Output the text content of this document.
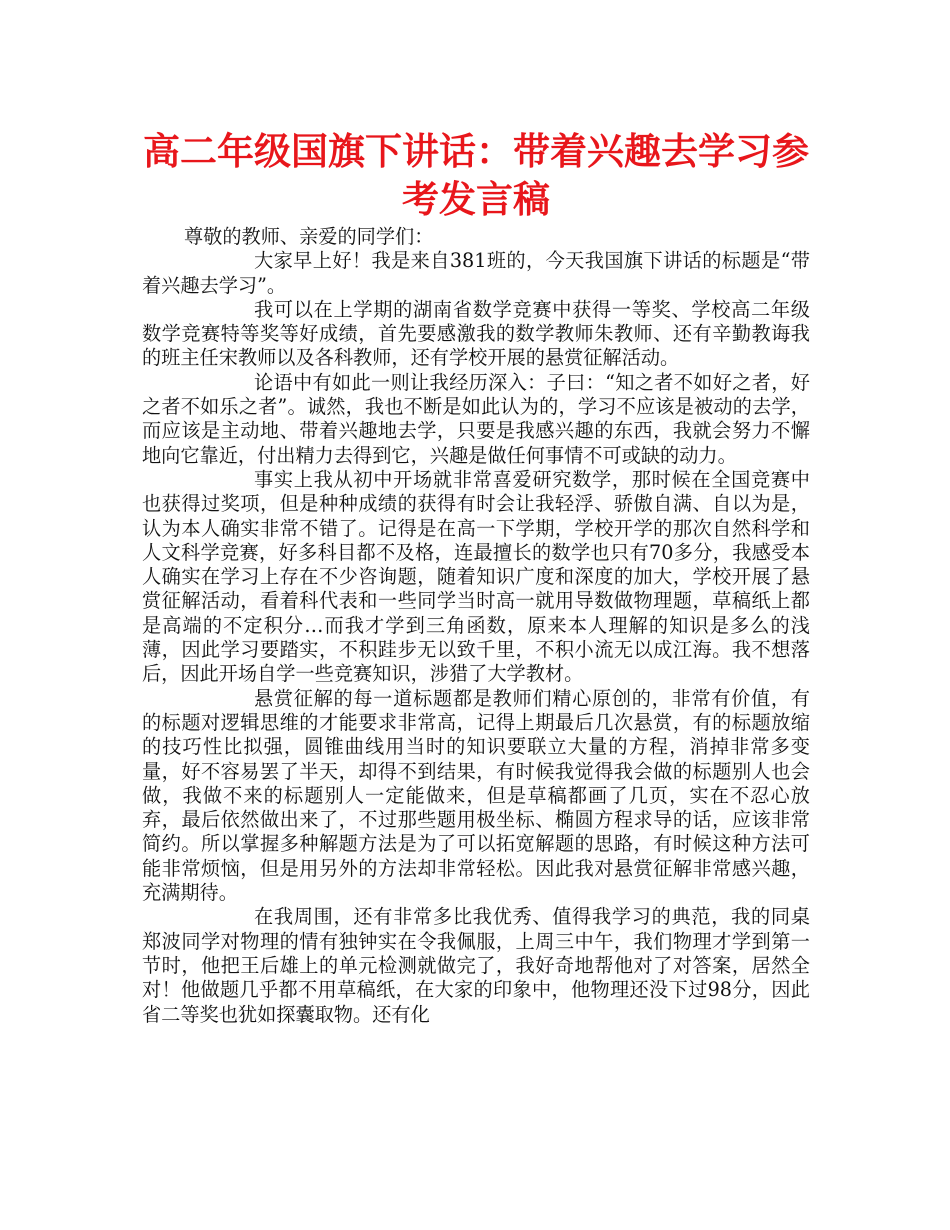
高二年级国旗下讲话：带着兴趣去学习参考发言稿

尊敬的教师、亲爱的同学们：

大家早上好！我是来自381班的，今天我国旗下讲话的标题是“带着兴趣去学习”。

我可以在上学期的湖南省数学竞赛中获得一等奖、学校高二年级数学竞赛特等奖等好成绩，首先要感激我的数学教师朱教师、还有辛勤教诲我的班主任宋教师以及各科教师，还有学校开展的悬赏征解活动。

论语中有如此一则让我经历深入：子曰：“知之者不如好之者，好之者不如乐之者”。诚然，我也不断是如此认为的，学习不应该是被动的去学，而应该是主动地、带着兴趣地去学，只要是我感兴趣的东西，我就会努力不懈地向它靠近，付出精力去得到它，兴趣是做任何事情不可或缺的动力。

事实上我从初中开场就非常喜爱研究数学，那时候在全国竞赛中也获得过奖项，但是种种成绩的获得有时会让我轻浮、骄傲自满、自以为是，认为本人确实非常不错了。记得是在高一下学期，学校开学的那次自然科学和人文科学竞赛，好多科目都不及格，连最擅长的数学也只有70多分，我感受本人确实在学习上存在不少咨询题，随着知识广度和深度的加大，学校开展了悬赏征解活动，看着科代表和一些同学当时高一就用导数做物理题，草稿纸上都是高端的不定积分…而我才学到三角函数，原来本人理解的知识是多么的浅薄，因此学习要踏实，不积跬步无以致千里，不积小流无以成江海。我不想落后，因此开场自学一些竞赛知识，涉猎了大学教材。

悬赏征解的每一道标题都是教师们精心原创的，非常有价值，有的标题对逻辑思维的才能要求非常高，记得上期最后几次悬赏，有的标题放缩的技巧性比拟强，圆锥曲线用当时的知识要联立大量的方程，消掉非常多变量，好不容易罢了半天，却得不到结果，有时候我觉得我会做的标题别人也会做，我做不来的标题别人一定能做来，但是草稿都画了几页，实在不忍心放弃，最后依然做出来了，不过那些题用极坐标、椭圆方程求导的话，应该非常简约。所以掌握多种解题方法是为了可以拓宽解题的思路，有时候这种方法可能非常烦恼，但是用另外的方法却非常轻松。因此我对悬赏征解非常感兴趣，充满期待。

在我周围，还有非常多比我优秀、值得我学习的典范，我的同桌郑波同学对物理的情有独钟实在令我佩服，上周三中午，我们物理才学到第一节时，他把王后雄上的单元检测就做完了，我好奇地帮他对了对答案，居然全对！他做题几乎都不用草稿纸，在大家的印象中，他物理还没下过98分，因此省二等奖也犹如探囊取物。还有化
